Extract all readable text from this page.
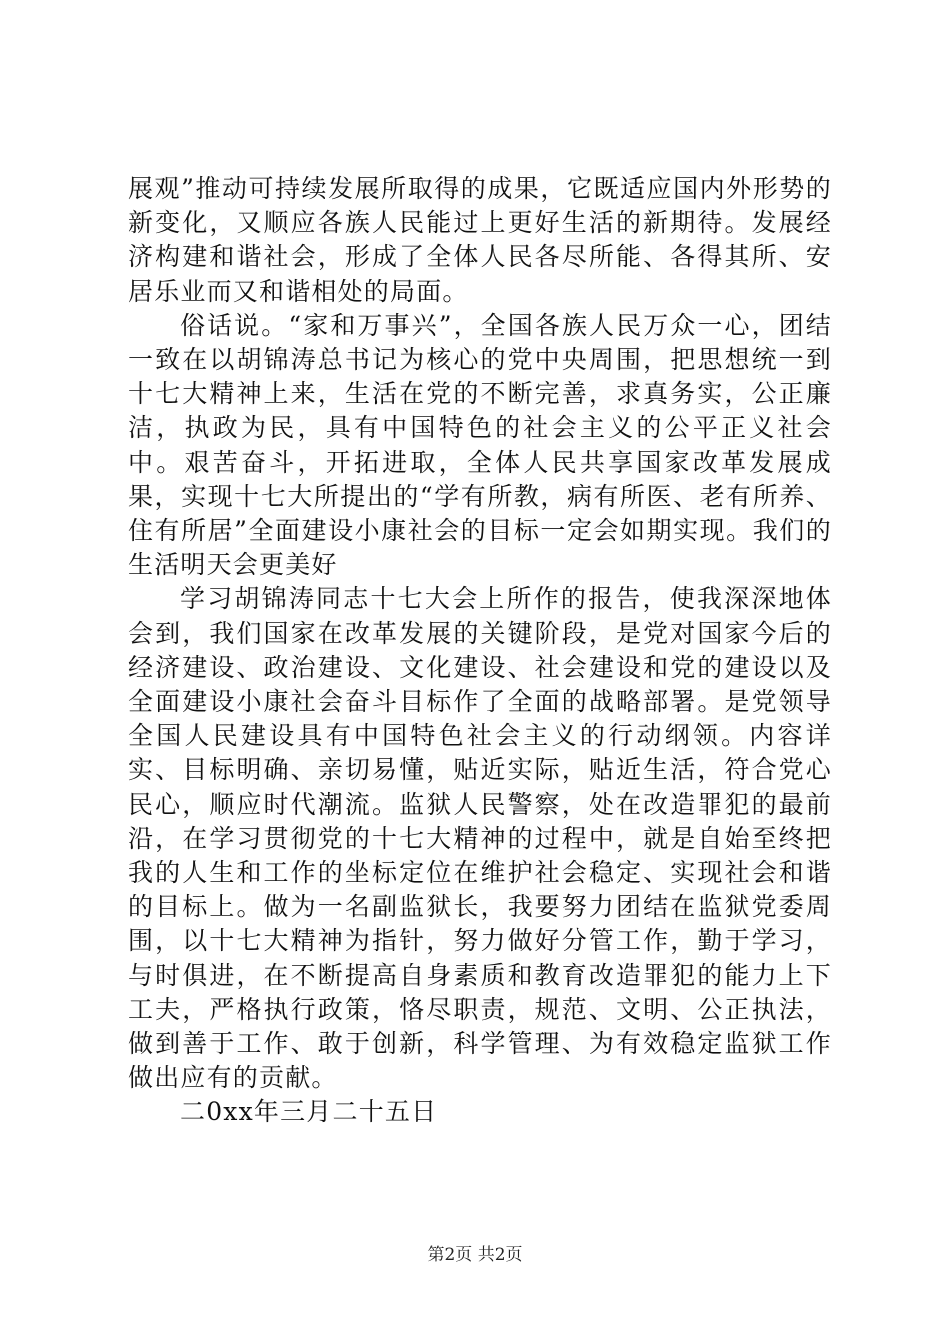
展观”推动可持续发展所取得的成果，它既适应国内外形势的新变化，又顺应各族人民能过上更好生活的新期待。发展经济构建和谐社会，形成了全体人民各尽所能、各得其所、安居乐业而又和谐相处的局面。

俗话说。“家和万事兴”，全国各族人民万众一心，团结一致在以胡锦涛总书记为核心的党中央周围，把思想统一到十七大精神上来，生活在党的不断完善，求真务实，公正廉洁，执政为民，具有中国特色的社会主义的公平正义社会中。艰苦奋斗，开拓进取，全体人民共享国家改革发展成果，实现十七大所提出的“学有所教，病有所医、老有所养、住有所居”全面建设小康社会的目标一定会如期实现。我们的生活明天会更美好

学习胡锦涛同志十七大会上所作的报告，使我深深地体会到，我们国家在改革发展的关键阶段，是党对国家今后的经济建设、政治建设、文化建设、社会建设和党的建设以及全面建设小康社会奋斗目标作了全面的战略部署。是党领导全国人民建设具有中国特色社会主义的行动纲领。内容详实、目标明确、亲切易懂，贴近实际，贴近生活，符合党心民心，顺应时代潮流。监狱人民警察，处在改造罪犯的最前沿，在学习贯彻党的十七大精神的过程中，就是自始至终把我的人生和工作的坐标定位在维护社会稳定、实现社会和谐的目标上。做为一名副监狱长，我要努力团结在监狱党委周围，以十七大精神为指针，努力做好分管工作，勤于学习，与时俱进，在不断提高自身素质和教育改造罪犯的能力上下工夫，严格执行政策，恪尽职责，规范、文明、公正执法，做到善于工作、敢于创新，科学管理、为有效稳定监狱工作做出应有的贡献。

二0xx年三月二十五日

第2页 共2页
